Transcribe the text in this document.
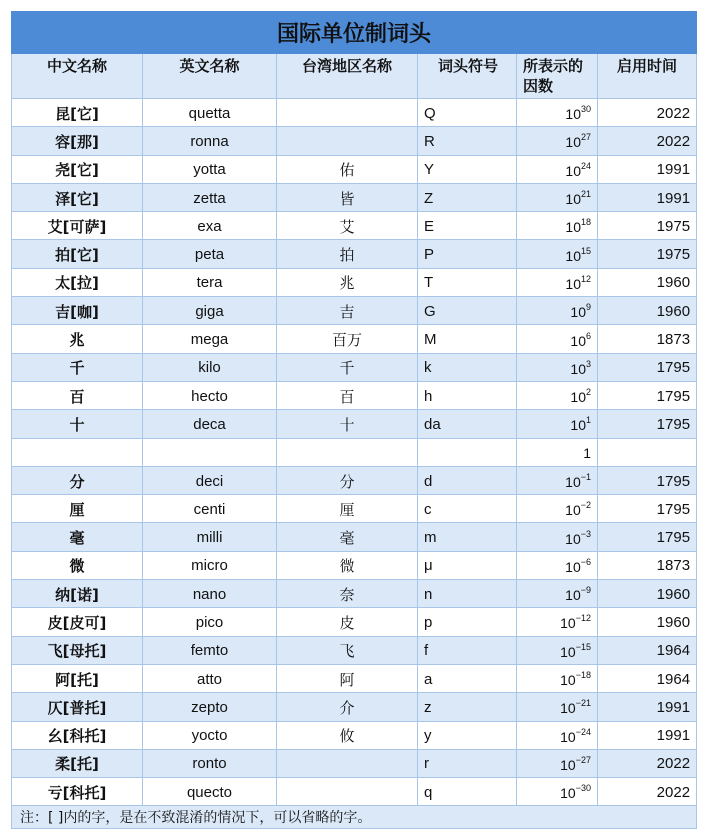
国际单位制词头					
中文名称	英文名称	台湾地区名称	词头符号	所表示的因数	启用时间
昆[它]	quetta		Q	$10^{30}$	2022
容[那]	ronna		R	$10^{27}$	2022
尧[它]	yotta	佑	Y	$10^{24}$	1991
泽[它]	zetta	皆	Z	$10^{21}$	1991
艾[可萨]	exa	艾	E	$10^{18}$	1975
拍[它]	peta	拍	P	$10^{15}$	1975
太[拉]	tera	兆	T	$10^{12}$	1960
吉[咖]	giga	吉	G	$10^9$	1960
兆	mega	百万	M	$10^6$	1873
千	kilo	千	k	$10^3$	1795
百	hecto	百	h	$10^2$	1795
十	deca	十	da	$10^1$	1795
				1	
分	deci	分	d	$10^{-1}$	1795
厘	centi	厘	c	$10^{-2}$	1795
毫	milli	毫	m	$10^{-3}$	1795
微	micro	微	μ	$10^{-6}$	1873
纳[诺]	nano	奈	n	$10^{-9}$	1960
皮[皮可]	pico	皮	p	$10^{-12}$	1960
飞[母托]	femto	飞	f	$10^{-15}$	1964
阿[托]	atto	阿	a	$10^{-18}$	1964
仄[普托]	zepto	介	z	$10^{-21}$	1991
幺[科托]	yocto	攸	y	$10^{-24}$	1991
柔[托]	ronto		r	$10^{-27}$	2022
亏[科托]	quecto		q	$10^{-30}$	2022
注：[ ]内的字，是在不致混淆的情况下，可以省略的字。					
